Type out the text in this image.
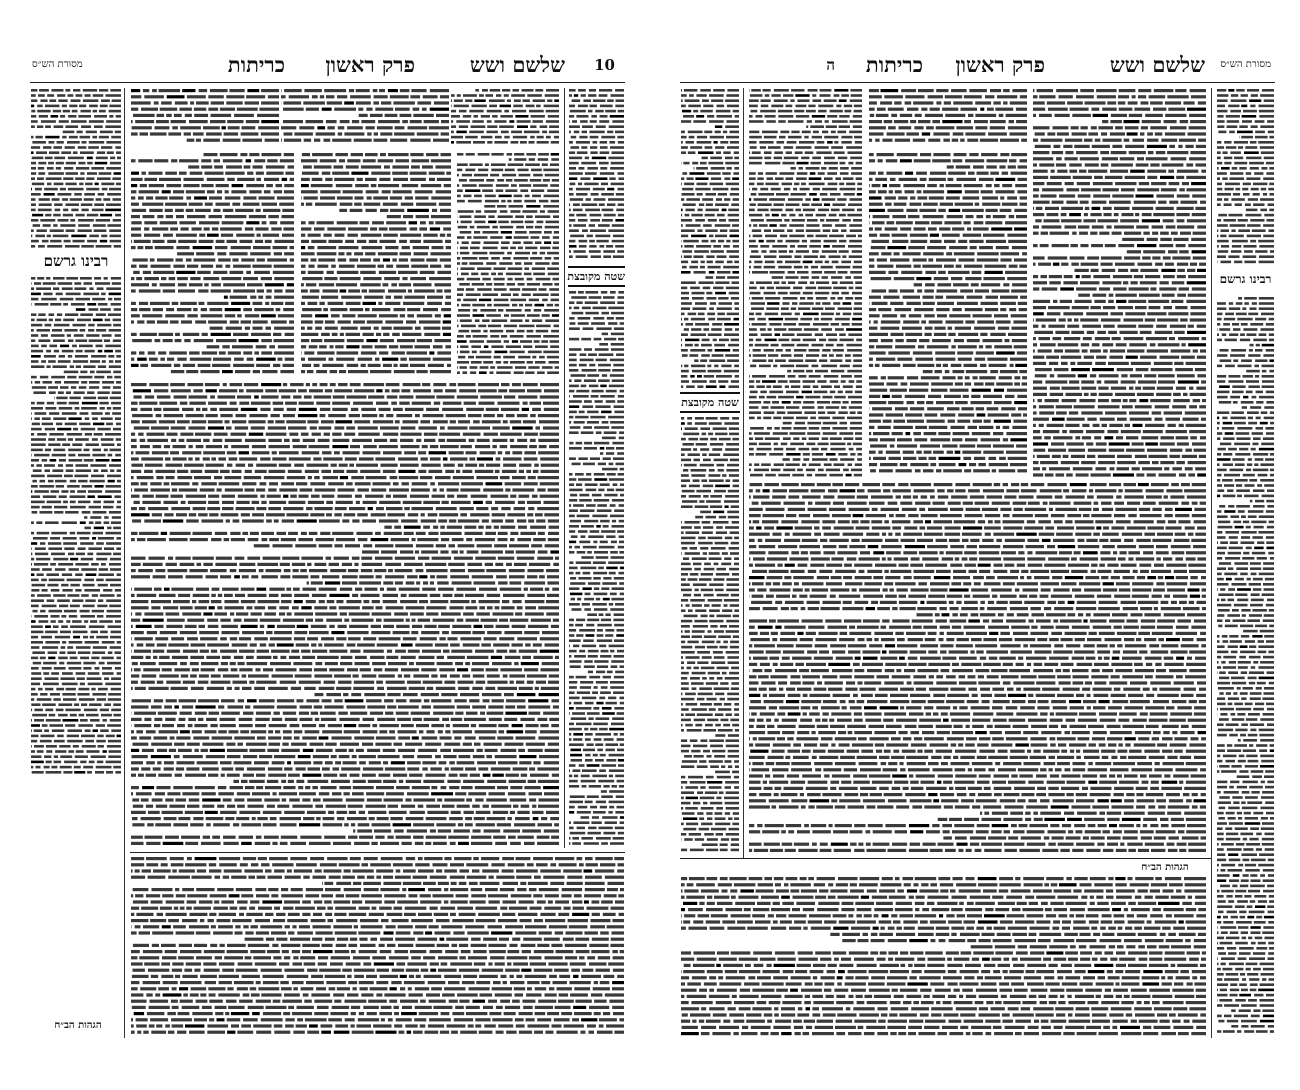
שלשם ושש
פרק ראשון
כריתות	10
מסורת הש״ס
רבינו גרשם
שטה מקובצת
הגהות הב״ח
שלשם ושש
פרק ראשון
כריתות
ה	מסורת הש״ס
שטה מקובצת
רבינו גרשם
הגהות הב״ח
